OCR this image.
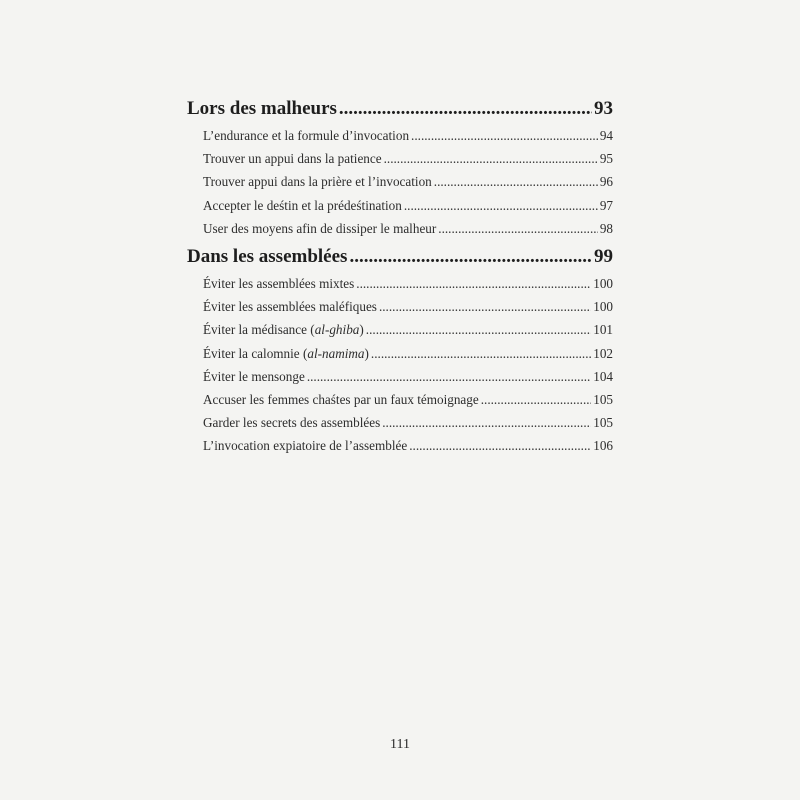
Lors des malheurs .....	93
L’endurance et la formule d’invocation .....	94
Trouver un appui dans la patience .....	95
Trouver appui dans la prière et l’invocation .....	96
Accepter le deśtin et la prédeśtination .....	97
User des moyens afin de dissiper le malheur .....	98
Dans les assemblées .....	99
Éviter les assemblées mixtes .....	100
Éviter les assemblées maléfiques .....	100
Éviter la médisance (al-ghiba) .....	101
Éviter la calomnie (al-namima) .....	102
Éviter le mensonge .....	104
Accuser les femmes chaśtes par un faux témoignage .....	105
Garder les secrets des assemblées .....	105
L’invocation expiatoire de l’assemblée .....	106
111
